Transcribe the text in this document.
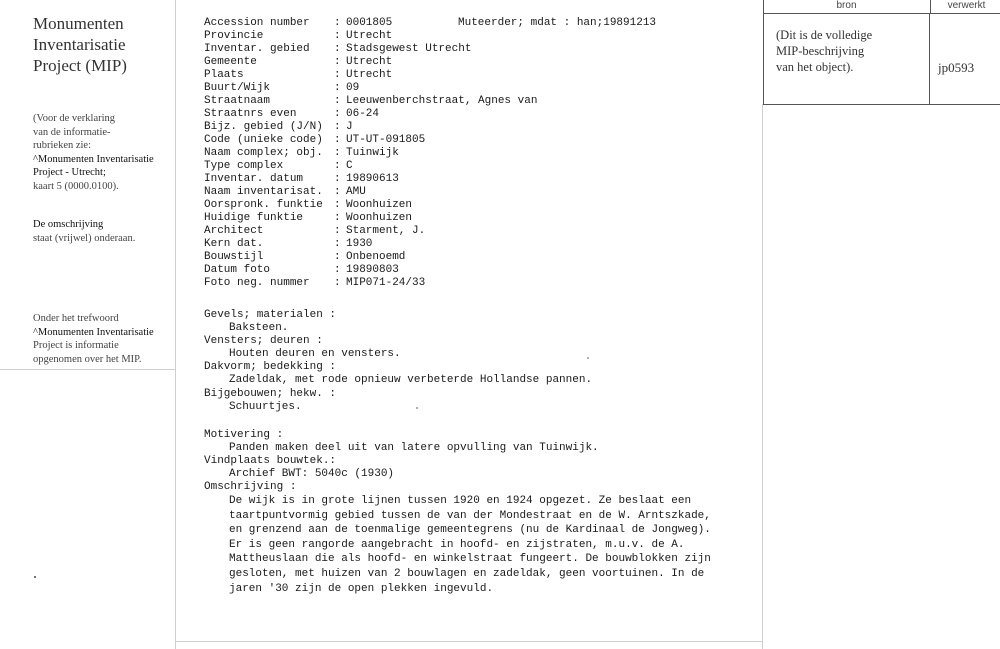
Monumenten
Inventarisatie
Project (MIP)
(Voor de verklaring
van de informatie-
rubrieken zie:
^Monumenten Inventarisatie
Project - Utrecht;
kaart 5 (0000.0100).
De omschrijving
staat (vrijwel) onderaan.
Onder het trefwoord
^Monumenten Inventarisatie
Project is informatie
opgenomen over het MIP.
bron	verwerkt
(Dit is de volledige
MIP-beschrijving
van het object).	jp0593
Muteerder; mdat : han;19891213
Accession number : 0001805
Provincie	: Utrecht
Inventar. gebied : Stadsgewest Utrecht
Gemeente	: Utrecht
Plaats	: Utrecht
Buurt/Wijk	: 09
Straatnaam	: Leeuwenberchstraat, Agnes van
Straatnrs even	: 06-24
Bijz. gebied (J/N) : J
Code (unieke code) : UT-UT-091805
Naam complex; obj. : Tuinwijk
Type complex	: C
Inventar. datum	: 19890613
Naam inventarisat. : AMU
Oorspronk. funktie : Woonhuizen
Huidige funktie	: Woonhuizen
Architect	: Starment, J.
Kern dat.	: 1930
Bouwstijl	: Onbenoemd
Datum foto	: 19890803
Foto neg. nummer : MIP071-24/33
Gevels; materialen :
Baksteen.
Vensters; deuren :
Houten deuren en vensters.
Dakvorm; bedekking :
Zadeldak, met rode opnieuw verbeterde Hollandse pannen.
Bijgebouwen; hekw. :
Schuurtjes.
Motivering :
Panden maken deel uit van latere opvulling van Tuinwijk.
Vindplaats bouwtek.:
Archief BWT: 5040c (1930)
Omschrijving :
De wijk is in grote lijnen tussen 1920 en 1924 opgezet. Ze beslaat een
taartpuntvormig gebied tussen de van der Mondestraat en de W. Arntszkade,
en grenzend aan de toenmalige gemeentegrens (nu de Kardinaal de Jongweg).
Er is geen rangorde aangebracht in hoofd- en zijstraten, m.u.v. de A.
Mattheuslaan die als hoofd- en winkelstraat fungeert. De bouwblokken zijn
gesloten, met huizen van 2 bouwlagen en zadeldak, geen voortuinen. In de
jaren '30 zijn de open plekken ingevuld.
